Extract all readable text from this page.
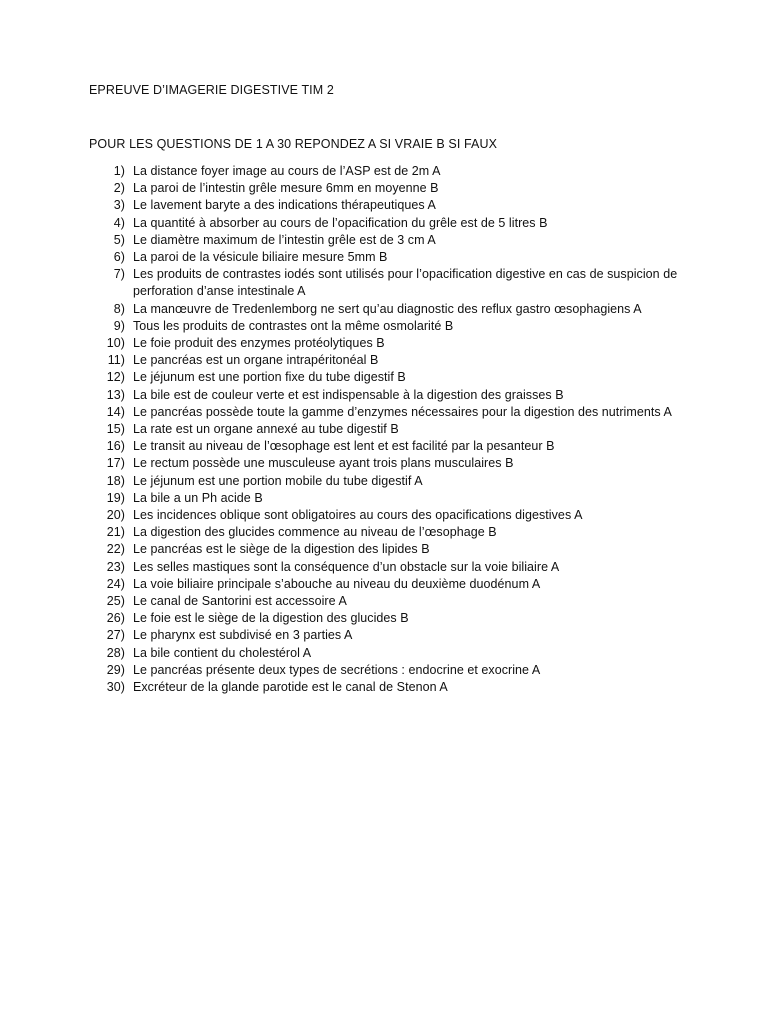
EPREUVE D’IMAGERIE DIGESTIVE TIM 2
POUR LES QUESTIONS DE 1 A 30 REPONDEZ A SI VRAIE B SI FAUX
1) La distance foyer image au cours de l’ASP est de 2m A
2) La paroi de l’intestin grêle mesure 6mm en moyenne B
3) Le lavement baryte a des indications thérapeutiques A
4) La quantité à absorber au cours de l’opacification du grêle est de 5 litres B
5) Le diamètre maximum de l’intestin grêle est de 3 cm A
6) La paroi de la vésicule biliaire mesure 5mm B
7) Les produits de contrastes iodés sont utilisés pour l’opacification digestive en cas de suspicion de perforation d’anse intestinale A
8) La manœuvre de Tredenlemborg ne sert qu’au diagnostic des reflux gastro œsophagiens A
9) Tous les produits de contrastes ont la même osmolarité B
10) Le foie produit des enzymes protéolytiques B
11) Le pancréas est un organe intrapéritonéal B
12) Le jéjunum est une portion fixe du tube digestif B
13) La bile est de couleur verte et est indispensable à la digestion des graisses B
14) Le pancréas possède toute la gamme d’enzymes nécessaires pour la digestion des nutriments A
15) La rate est un organe annexé au tube digestif B
16) Le transit au niveau de l’œsophage est lent et est facilité par la pesanteur B
17) Le rectum possède une musculeuse ayant trois plans musculaires B
18) Le jéjunum est une portion mobile du tube digestif A
19) La bile a un Ph acide B
20) Les incidences oblique sont obligatoires au cours des opacifications digestives A
21) La digestion des glucides commence au niveau de l’œsophage B
22) Le pancréas est le siège de la digestion des lipides B
23) Les selles mastiques sont la conséquence d’un obstacle sur la voie biliaire A
24) La voie biliaire principale s’abouche au niveau du deuxième duodénum A
25) Le canal de Santorini est accessoire A
26) Le foie est le siège de la digestion des glucides B
27) Le pharynx est subdivisé en 3 parties A
28) La bile contient du cholestérol A
29) Le pancréas présente deux types de secrétions : endocrine et exocrine A
30) Excréteur de la glande parotide est le canal de Stenon A
